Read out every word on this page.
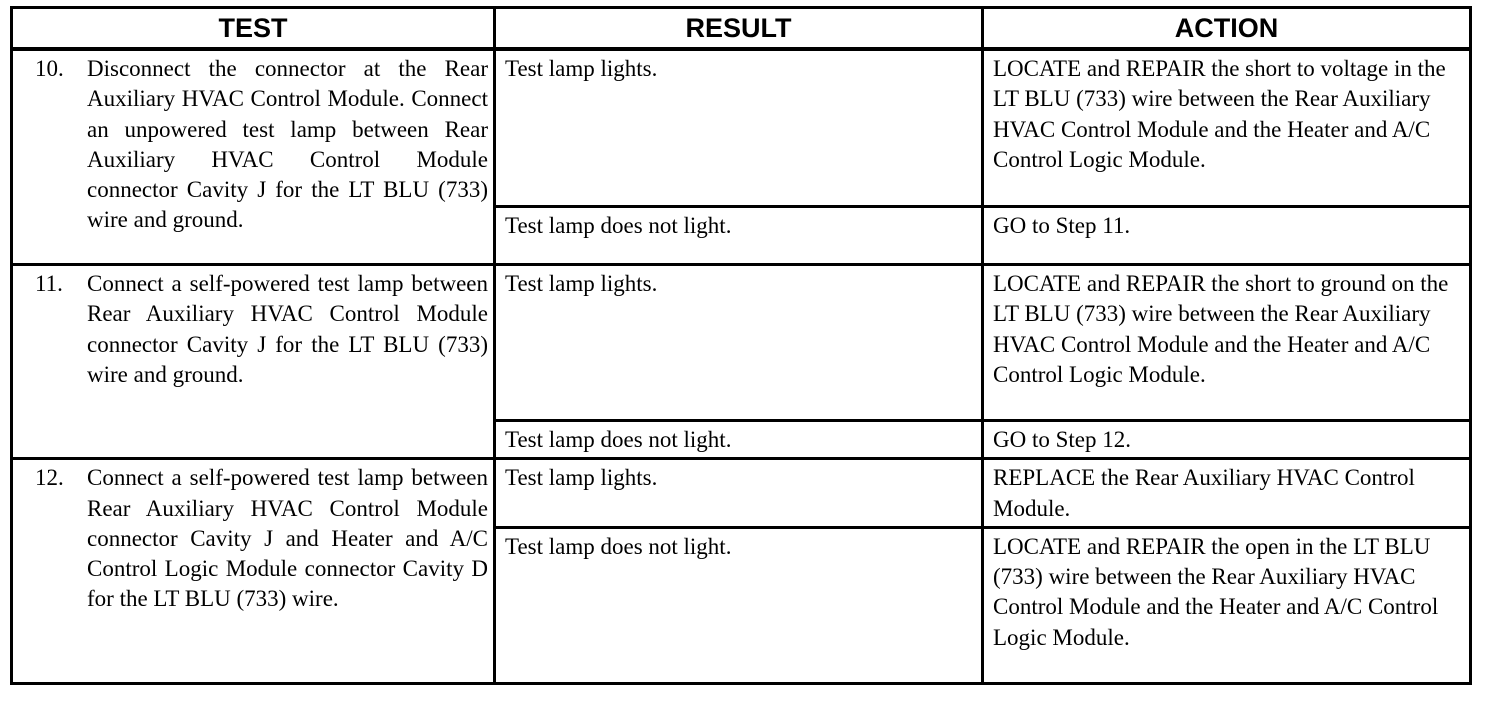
TEST	RESULT	ACTION

10. Disconnect the connector at the Rear Auxiliary HVAC Control Module. Connect an unpowered test lamp between Rear Auxiliary HVAC Control Module connector Cavity J for the LT BLU (733) wire and ground.	Test lamp lights.	LOCATE and REPAIR the short to voltage in the LT BLU (733) wire between the Rear Auxiliary HVAC Control Module and the Heater and A/C Control Logic Module.
	Test lamp does not light.	GO to Step 11.

11. Connect a self-powered test lamp between Rear Auxiliary HVAC Control Module connector Cavity J for the LT BLU (733) wire and ground.	Test lamp lights.	LOCATE and REPAIR the short to ground on the LT BLU (733) wire between the Rear Auxiliary HVAC Control Module and the Heater and A/C Control Logic Module.
	Test lamp does not light.	GO to Step 12.

12. Connect a self-powered test lamp between Rear Auxiliary HVAC Control Module connector Cavity J and Heater and A/C Control Logic Module connector Cavity D for the LT BLU (733) wire.	Test lamp lights.	REPLACE the Rear Auxiliary HVAC Control Module.
	Test lamp does not light.	LOCATE and REPAIR the open in the LT BLU (733) wire between the Rear Auxiliary HVAC Control Module and the Heater and A/C Control Logic Module.
